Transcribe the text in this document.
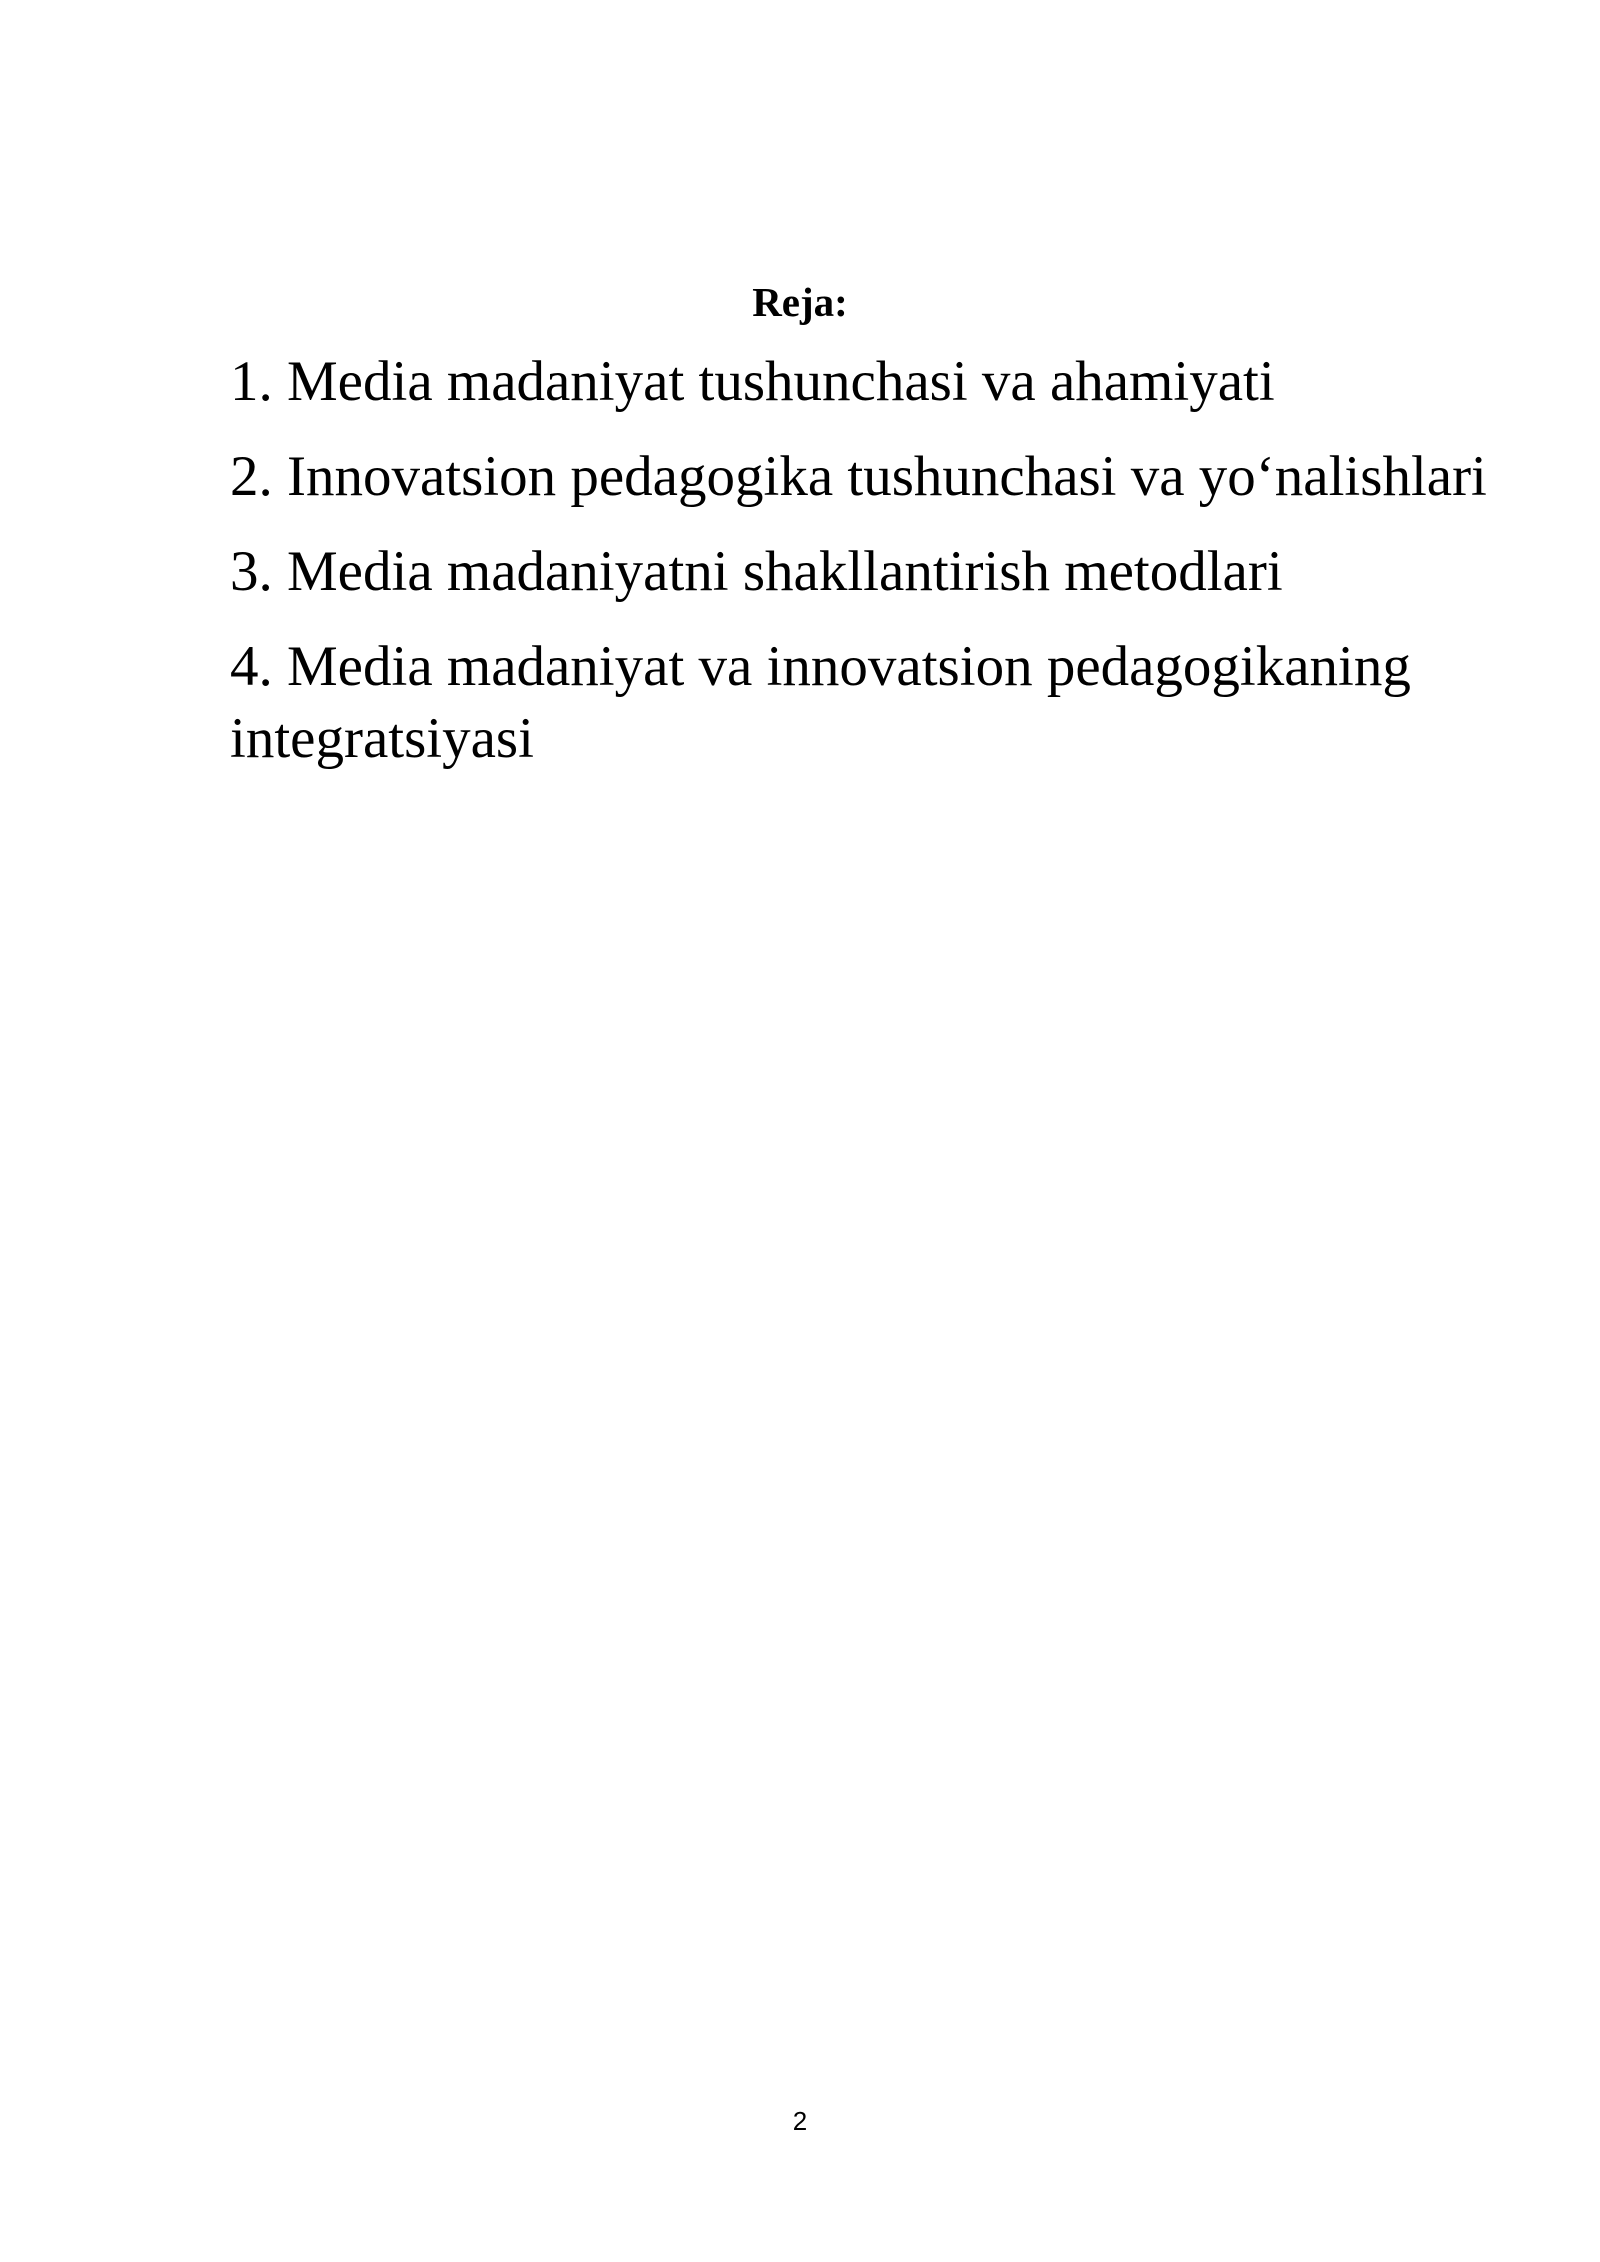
Reja:
1. Media madaniyat tushunchasi va ahamiyati
2. Innovatsion pedagogika tushunchasi va yo‘nalishlari
3. Media madaniyatni shakllantirish metodlari
4. Media madaniyat va innovatsion pedagogikaning integratsiyasi
2
